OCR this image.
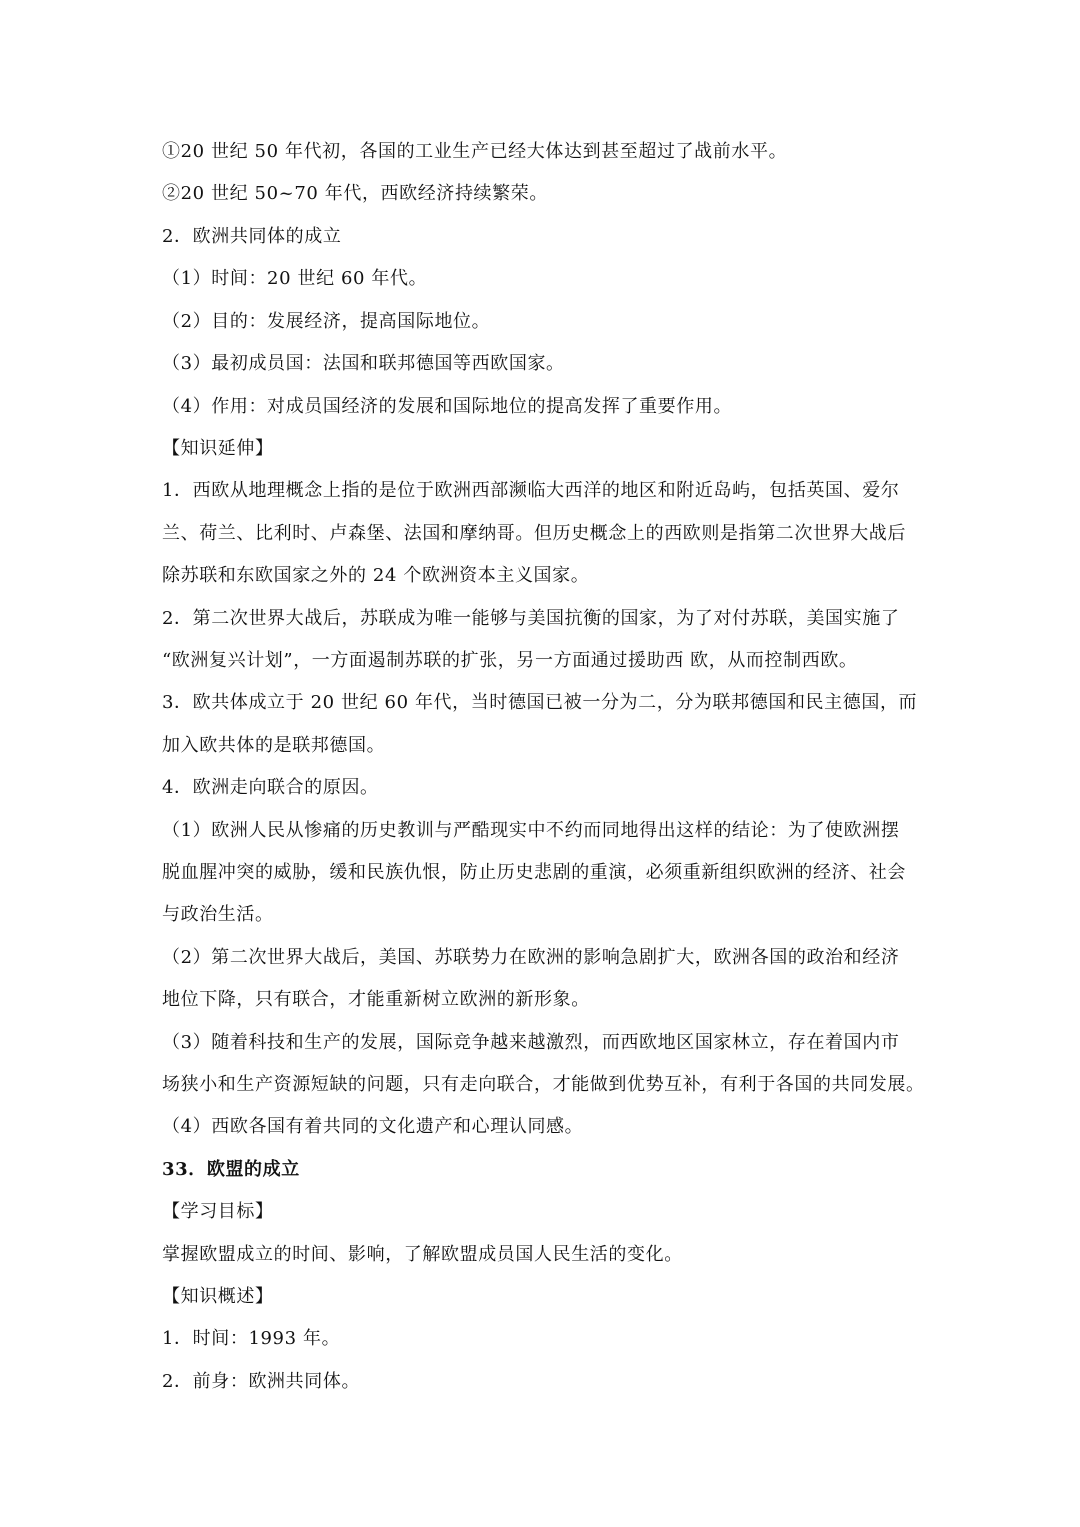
①20 世纪 50 年代初，各国的工业生产已经大体达到甚至超过了战前水平。
②20 世纪 50~70 年代，西欧经济持续繁荣。
2．欧洲共同体的成立
（1）时间：20 世纪 60 年代。
（2）目的：发展经济，提高国际地位。
（3）最初成员国：法国和联邦德国等西欧国家。
（4）作用：对成员国经济的发展和国际地位的提高发挥了重要作用。
【知识延伸】
1．西欧从地理概念上指的是位于欧洲西部濒临大西洋的地区和附近岛屿，包括英国、爱尔
兰、荷兰、比利时、卢森堡、法国和摩纳哥。但历史概念上的西欧则是指第二次世界大战后
除苏联和东欧国家之外的 24 个欧洲资本主义国家。
2．第二次世界大战后，苏联成为唯一能够与美国抗衡的国家，为了对付苏联，美国实施了
“欧洲复兴计划”，一方面遏制苏联的扩张，另一方面通过援助西 欧，从而控制西欧。
3．欧共体成立于 20 世纪 60 年代，当时德国已被一分为二，分为联邦德国和民主德国，而
加入欧共体的是联邦德国。
4．欧洲走向联合的原因。
（1）欧洲人民从惨痛的历史教训与严酷现实中不约而同地得出这样的结论：为了使欧洲摆
脱血腥冲突的威胁，缓和民族仇恨，防止历史悲剧的重演，必须重新组织欧洲的经济、社会
与政治生活。
（2）第二次世界大战后，美国、苏联势力在欧洲的影响急剧扩大，欧洲各国的政治和经济
地位下降，只有联合，才能重新树立欧洲的新形象。
（3）随着科技和生产的发展，国际竞争越来越激烈，而西欧地区国家林立，存在着国内市
场狭小和生产资源短缺的问题，只有走向联合，才能做到优势互补，有利于各国的共同发展。
（4）西欧各国有着共同的文化遗产和心理认同感。
33．欧盟的成立
【学习目标】
掌握欧盟成立的时间、影响，了解欧盟成员国人民生活的变化。
【知识概述】
1．时间：1993 年。
2．前身：欧洲共同体。
